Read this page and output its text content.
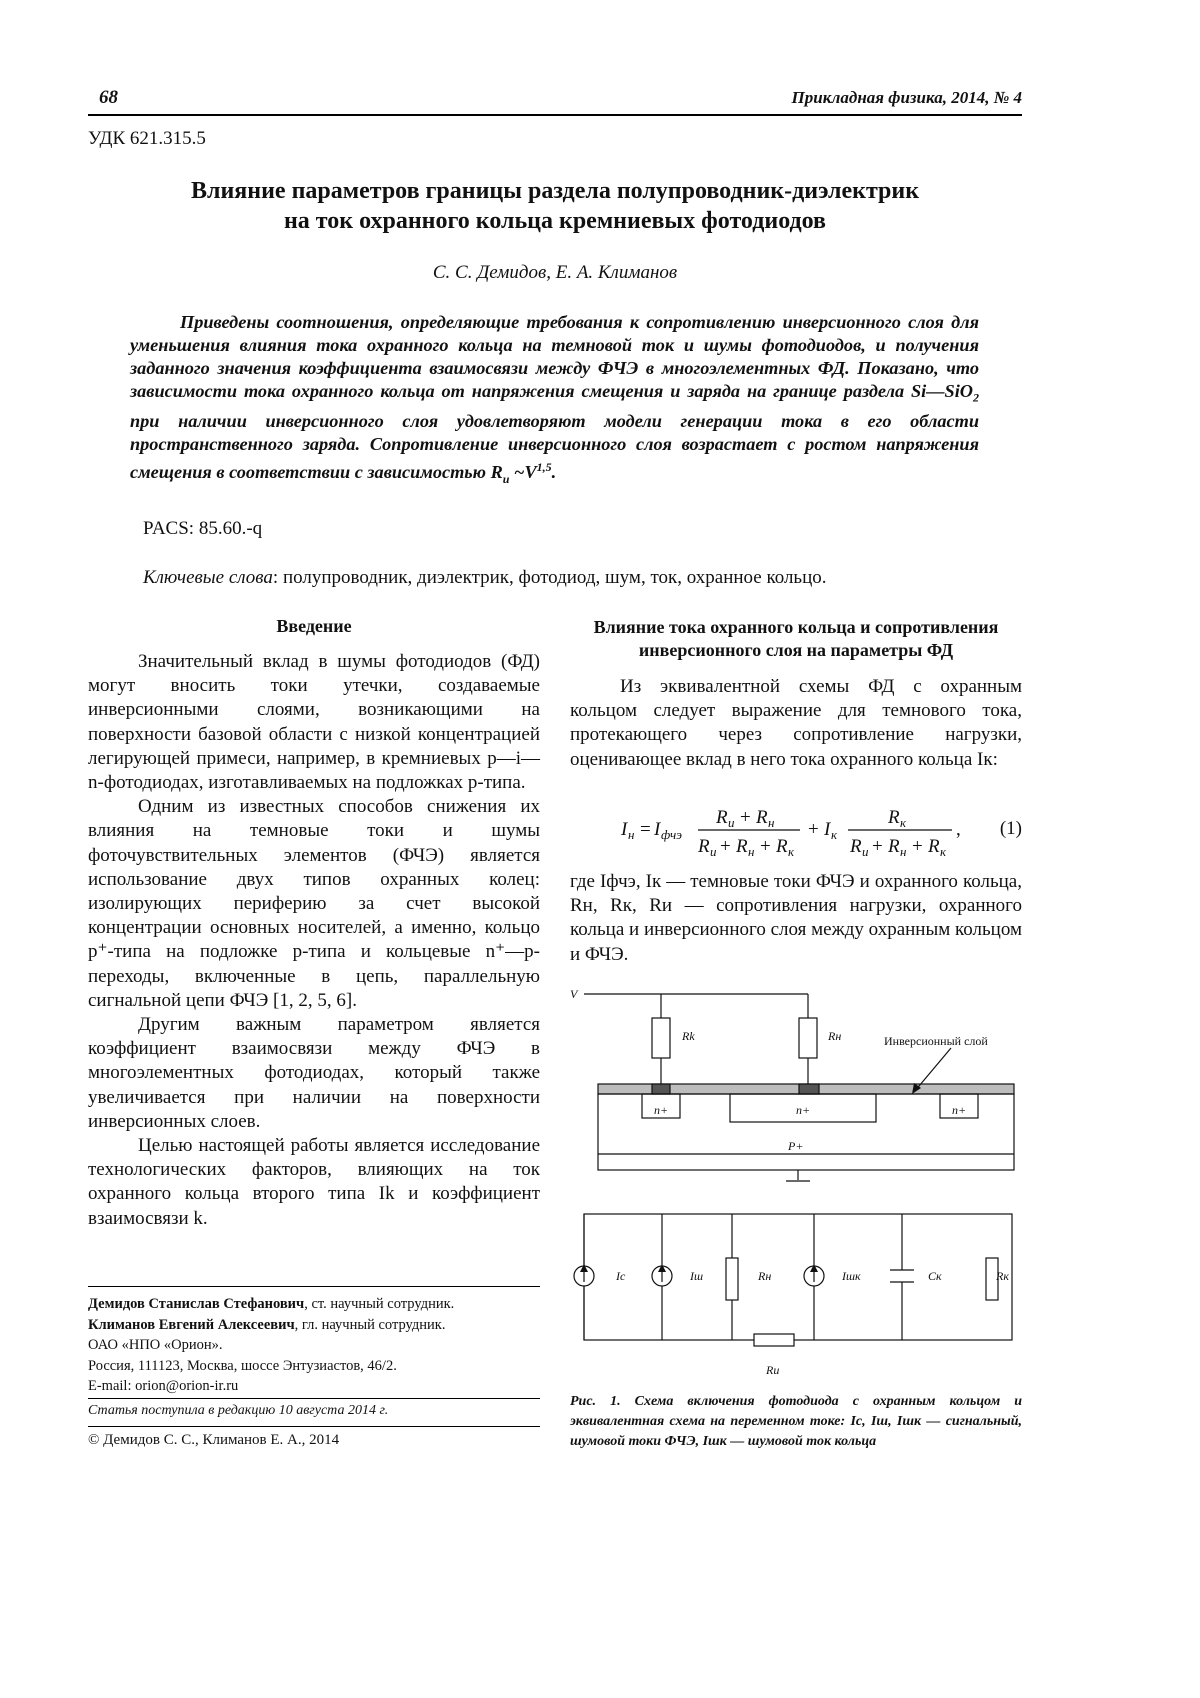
68	Прикладная физика, 2014, № 4
УДК 621.315.5
Влияние параметров границы раздела полупроводник-диэлектрик
на ток охранного кольца кремниевых фотодиодов
С. С. Демидов, Е. А. Климанов
Приведены соотношения, определяющие требования к сопротивлению инверсионного слоя для уменьшения влияния тока охранного кольца на темновой ток и шумы фотодиодов, и получения заданного значения коэффициента взаимосвязи между ФЧЭ в многоэлементных ФД. Показано, что зависимости тока охранного кольца от напряжения смещения и заряда на границе раздела Si—SiO$_2$ при наличии инверсионного слоя удовлетворяют модели генерации тока в его области пространственного заряда. Сопротивление инверсионного слоя возрастает с ростом напряжения смещения в соответствии с зависимостью $R_и$ $\sim V^{1,5}$.
PACS: 85.60.-q
Ключевые слова: полупроводник, диэлектрик, фотодиод, шум, ток, охранное кольцо.
Введение

Значительный вклад в шумы фотодиодов (ФД) могут вносить токи утечки, создаваемые инверсионными слоями, возникающими на поверхности базовой области с низкой концентрацией легирующей примеси, например, в кремниевых p—i—n-фотодиодах, изготавливаемых на подложках p-типа.

Одним из известных способов снижения их влияния на темновые токи и шумы фоточувствительных элементов (ФЧЭ) является использование двух типов охранных колец: изолирующих периферию за счет высокой концентрации основных носителей, а именно, кольцо p⁺-типа на подложке p-типа и кольцевые n⁺—p-переходы, включенные в цепь, параллельную сигнальной цепи ФЧЭ [1, 2, 5, 6].

Другим важным параметром является коэффициент взаимосвязи между ФЧЭ в многоэлементных фотодиодах, который также увеличивается при наличии на поверхности инверсионных слоев.

Целью настоящей работы является исследование технологических факторов, влияющих на ток охранного кольца второго типа Ik и коэффициент взаимосвязи k.

Демидов Станислав Стефанович, ст. научный сотрудник.
Климанов Евгений Алексеевич, гл. научный сотрудник.
ОАО «НПО «Орион».
Россия, 111123, Москва, шоссе Энтузиастов, 46/2.
E-mail: orion@orion-ir.ru
Статья поступила в редакцию 10 августа 2014 г.
© Демидов С. С., Климанов Е. А., 2014
Влияние тока охранного кольца и сопротивления
инверсионного слоя на параметры ФД
Из эквивалентной схемы ФД с охранным кольцом следует выражение для темнового тока, протекающего через сопротивление нагрузки, оценивающее вклад в него тока охранного кольца Iк:
I н = I фчэ
R и + R н
R и + R н + R к
+ I к
R к
R и + R н + R к
, (1)
где Iфчэ, Iк — темновые токи ФЧЭ и охранного кольца, Rн, Rк, Rи — сопротивления нагрузки, охранного кольца и инверсионного слоя между охранным кольцом и ФЧЭ.
V
Rk	Rн	Инверсионный слой
n+	n+	n+
P+
Iс	Iш	Rн	Iшк	Cк	Rк
Rи
Рис. 1. Схема включения фотодиода с охранным кольцом и эквивалентная схема на переменном токе: Iс, Iш, Iшк — сигнальный, шумовой токи ФЧЭ, Iшк — шумовой ток кольца
